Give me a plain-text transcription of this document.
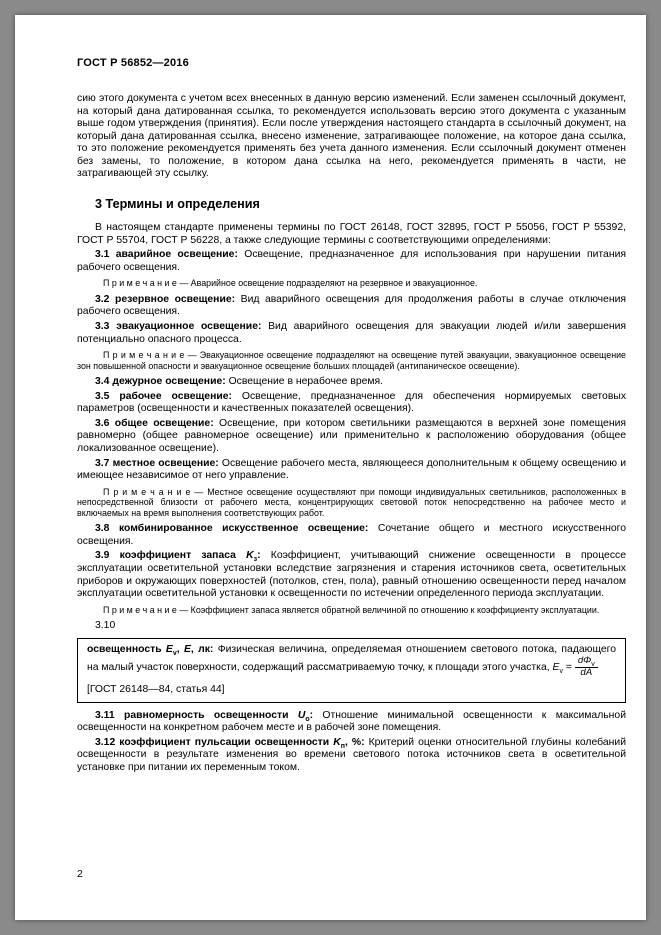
ГОСТ Р 56852—2016

сию этого документа с учетом всех внесенных в данную версию изменений. Если заменен ссылочный документ, на который дана датированная ссылка, то рекомендуется использовать версию этого документа с указанным выше годом утверждения (принятия). Если после утверждения настоящего стандарта в ссылочный документ, на который дана датированная ссылка, внесено изменение, затрагивающее положение, на которое дана ссылка, то это положение рекомендуется применять без учета данного изменения. Если ссылочный документ отменен без замены, то положение, в котором дана ссылка на него, рекомендуется применять в части, не затрагивающей эту ссылку.

3 Термины и определения

В настоящем стандарте применены термины по ГОСТ 26148, ГОСТ 32895, ГОСТ Р 55056, ГОСТ Р 55392, ГОСТ Р 55704, ГОСТ Р 56228, а также следующие термины с соответствующими определениями:

3.1 аварийное освещение: Освещение, предназначенное для использования при нарушении питания рабочего освещения.

П р и м е ч а н и е — Аварийное освещение подразделяют на резервное и эвакуационное.

3.2 резервное освещение: Вид аварийного освещения для продолжения работы в случае отключения рабочего освещения.

3.3 эвакуационное освещение: Вид аварийного освещения для эвакуации людей и/или завершения потенциально опасного процесса.

П р и м е ч а н и е — Эвакуационное освещение подразделяют на освещение путей эвакуации, эвакуационное освещение зон повышенной опасности и эвакуационное освещение больших площадей (антипаническое освещение).

3.4 дежурное освещение: Освещение в нерабочее время.

3.5 рабочее освещение: Освещение, предназначенное для обеспечения нормируемых световых параметров (освещенности и качественных показателей освещения).

3.6 общее освещение: Освещение, при котором светильники размещаются в верхней зоне помещения равномерно (общее равномерное освещение) или применительно к расположению оборудования (общее локализованное освещение).

3.7 местное освещение: Освещение рабочего места, являющееся дополнительным к общему освещению и имеющее независимое от него управление.

П р и м е ч а н и е — Местное освещение осуществляют при помощи индивидуальных светильников, расположенных в непосредственной близости от рабочего места, концентрирующих световой поток непосредственно на рабочее место и включаемых на время выполнения соответствующих работ.

3.8 комбинированное искусственное освещение: Сочетание общего и местного искусственного освещения.

3.9 коэффициент запаса $K_з$: Коэффициент, учитывающий снижение освещенности в процессе эксплуатации осветительной установки вследствие загрязнения и старения источников света, осветительных приборов и окружающих поверхностей (потолков, стен, пола), равный отношению освещенности перед началом эксплуатации осветительной установки к освещенности по истечении определенного периода эксплуатации.

П р и м е ч а н и е — Коэффициент запаса является обратной величиной по отношению к коэффициенту эксплуатации.

3.10

освещенность $E_v$, E, лк: Физическая величина, определяемая отношением светового потока, падающего на малый участок поверхности, содержащий рассматриваемую точку, к площади этого участка, $E_v = \frac{d\Phi_v}{dA}$

[ГОСТ 26148—84, статья 44]

3.11 равномерность освещенности $U_о$: Отношение минимальной освещенности к максимальной освещенности на конкретном рабочем месте и в рабочей зоне помещения.

3.12 коэффициент пульсации освещенности $K_п$, %: Критерий оценки относительной глубины колебаний освещенности в результате изменения во времени светового потока источников света в осветительной установке при питании их переменным током.

2
